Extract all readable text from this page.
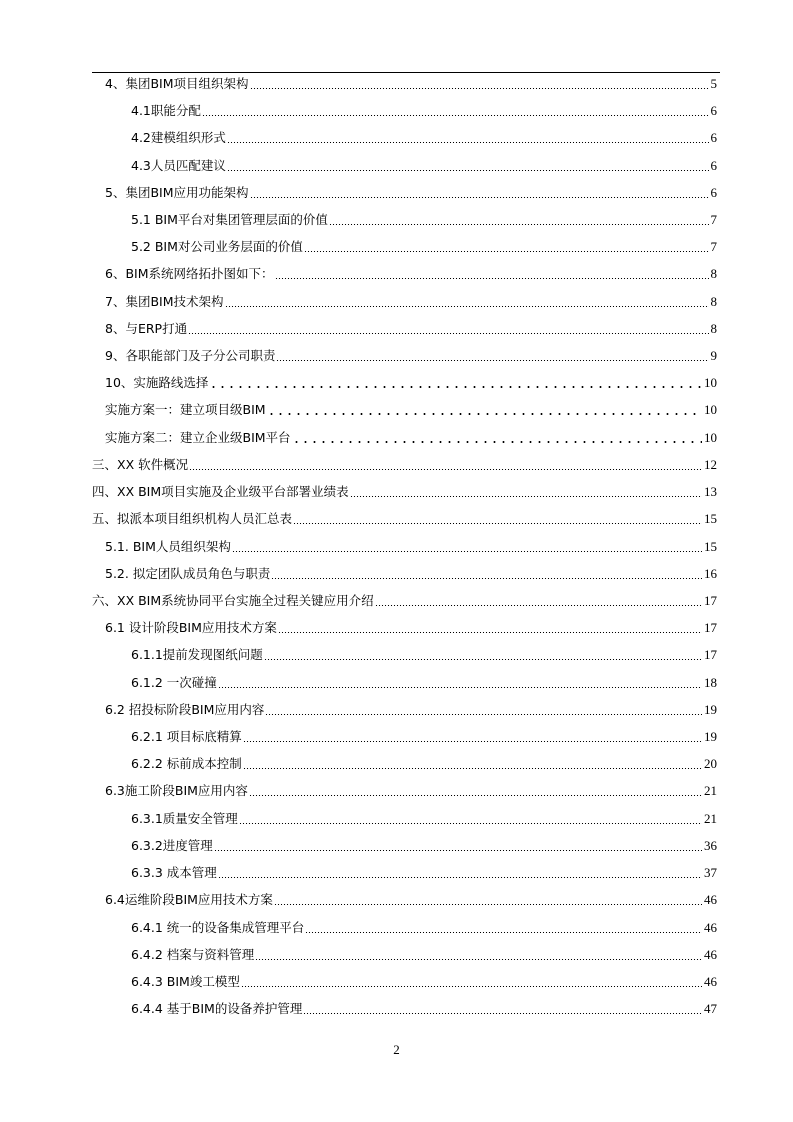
4、集团BIM项目组织架构	5
4.1职能分配	6
4.2建模组织形式	6
4.3人员匹配建议	6
5、集团BIM应用功能架构	6
5.1 BIM平台对集团管理层面的价值	7
5.2 BIM对公司业务层面的价值	7
6、BIM系统网络拓扑图如下：	8
7、集团BIM技术架构	8
8、与ERP打通	8
9、各职能部门及子分公司职责	9
10、实施路线选择	10
实施方案一：建立项目级BIM	10
实施方案二：建立企业级BIM平台	10
三、XX 软件概况	12
四、XX BIM项目实施及企业级平台部署业绩表	13
五、拟派本项目组织机构人员汇总表	15
5.1. BIM人员组织架构	15
5.2. 拟定团队成员角色与职责	16
六、XX BIM系统协同平台实施全过程关键应用介绍	17
6.1 设计阶段BIM应用技术方案	17
6.1.1提前发现图纸问题	17
6.1.2 一次碰撞	18
6.2 招投标阶段BIM应用内容	19
6.2.1 项目标底精算	19
6.2.2 标前成本控制	20
6.3施工阶段BIM应用内容	21
6.3.1质量安全管理	21
6.3.2进度管理	36
6.3.3 成本管理	37
6.4运维阶段BIM应用技术方案	46
6.4.1 统一的设备集成管理平台	46
6.4.2 档案与资料管理	46
6.4.3 BIM竣工模型	46
6.4.4 基于BIM的设备养护管理	47
2
